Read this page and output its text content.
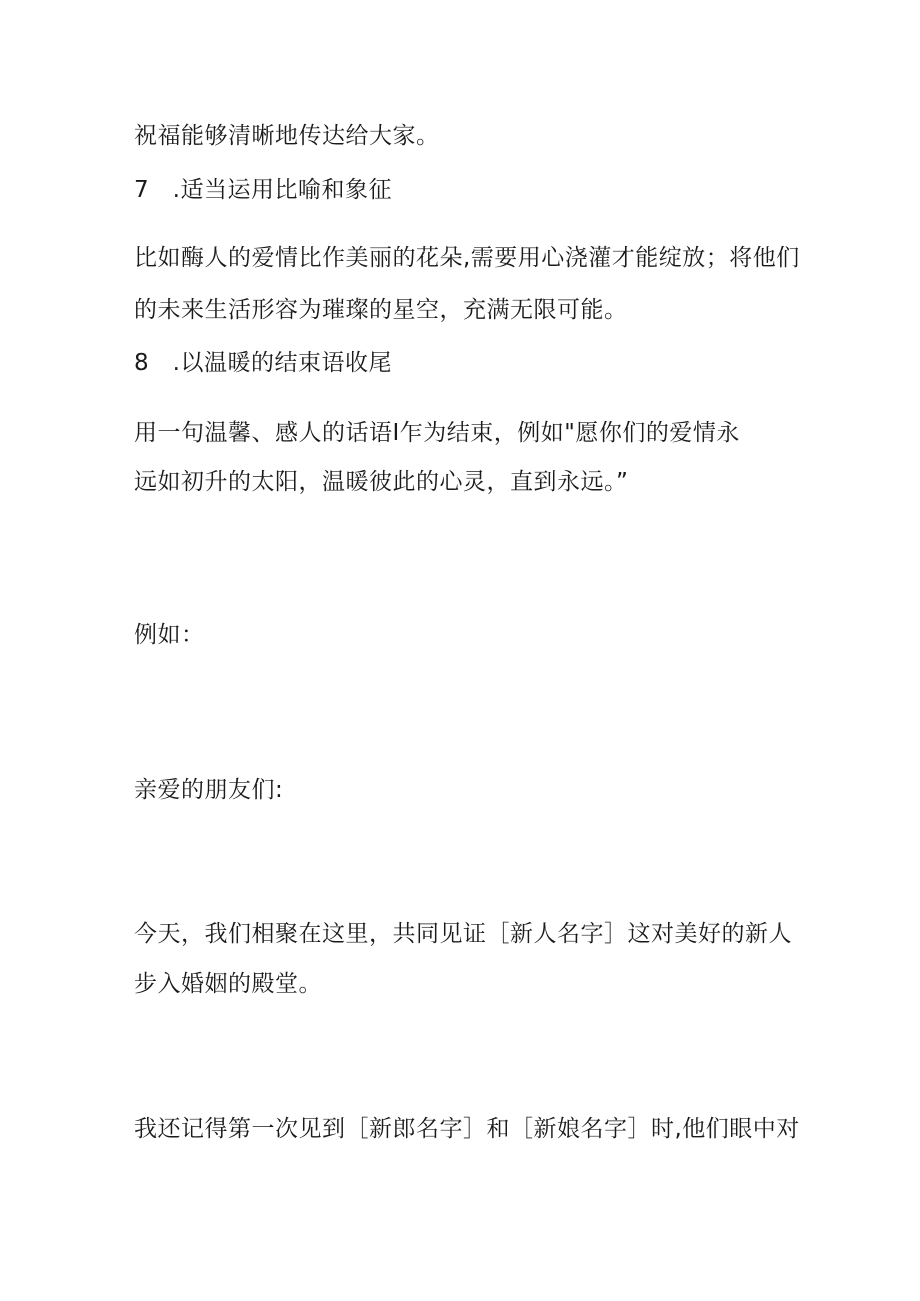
祝福能够清晰地传达给大家。
7　.适当运用比喻和象征
比如酶人的爱情比作美丽的花朵,需要用心浇灌才能绽放；将他们
的未来生活形容为璀璨的星空，充满无限可能。
8　.以温暖的结束语收尾
用一句温馨、感人的话语I乍为结束，例如"愿你们的爱情永
远如初升的太阳，温暖彼此的心灵，直到永远。”
例如：
亲爱的朋友们:
今天，我们相聚在这里，共同见证［新人名字］这对美好的新人
步入婚姻的殿堂。
我还记得第一次见到［新郎名字］和［新娘名字］时,他们眼中对
